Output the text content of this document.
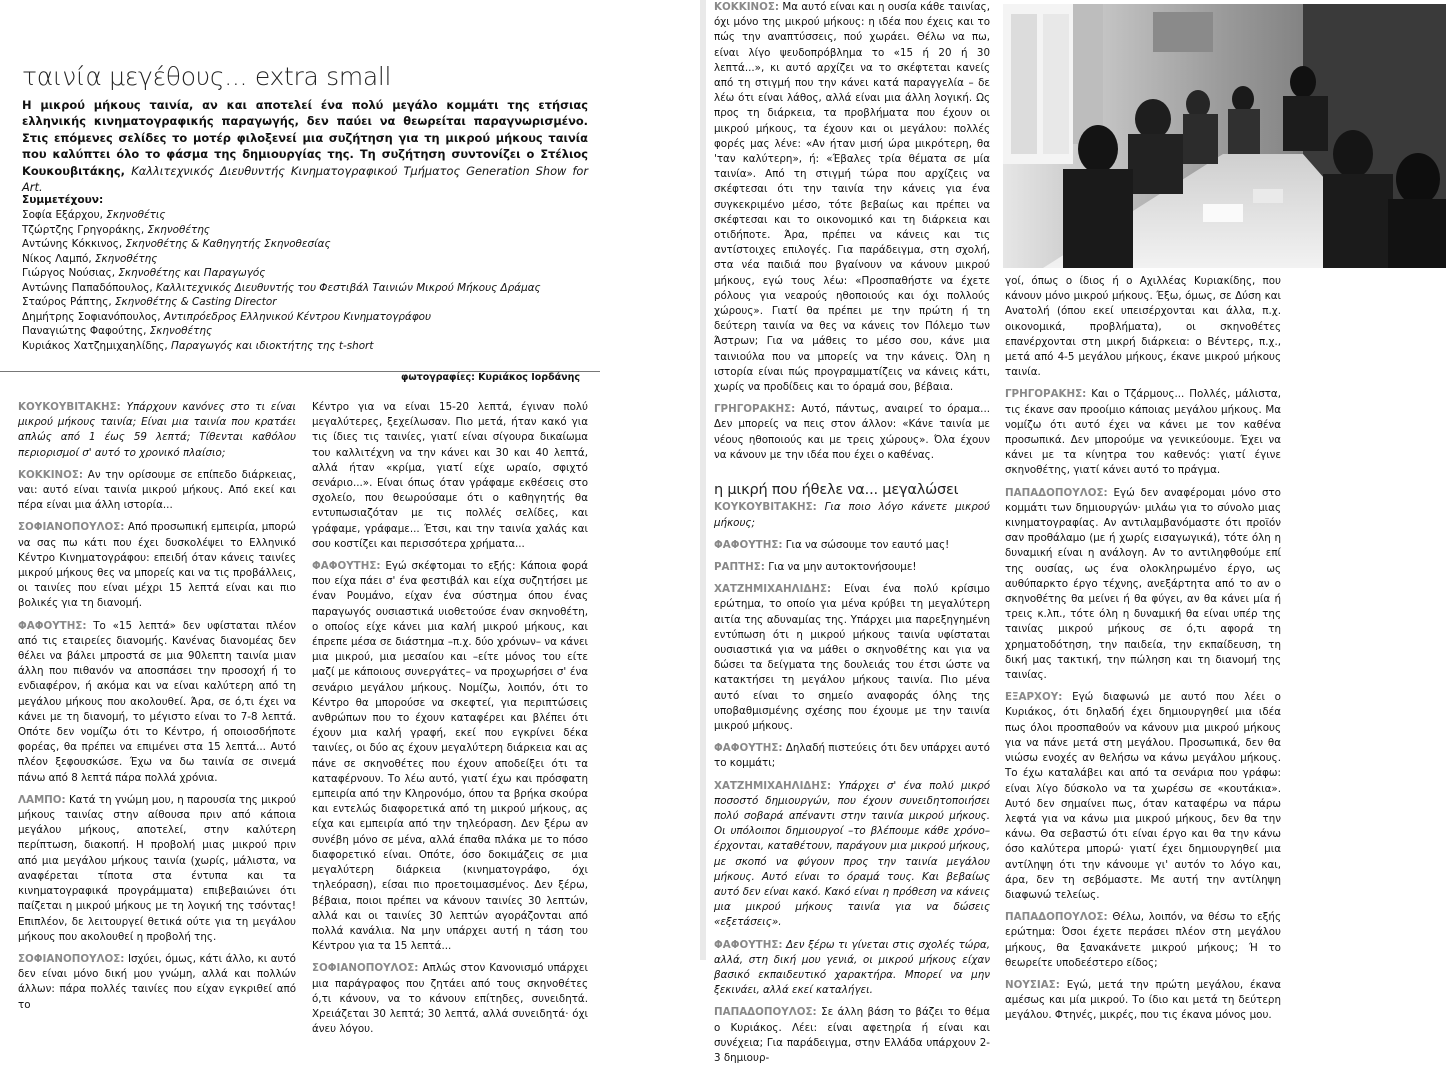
ταινία μεγέθους... extra small
Η μικρού μήκους ταινία, αν και αποτελεί ένα πολύ μεγάλο κομμάτι της ετήσιας ελληνικής κινηματογραφικής παραγωγής, δεν παύει να θεωρείται παραγνωρισμένο. Στις επόμενες σελίδες το μοτέρ φιλοξενεί μια συζήτηση για τη μικρού μήκους ταινία που καλύπτει όλο το φάσμα της δημιουργίας της. Τη συζήτηση συντονίζει ο Στέλιος Κουκουβιτάκης, Καλλιτεχνικός Διευθυντής Κινηματογραφικού Τμήματος Generation Show for Art.
Συμμετέχουν:
Σοφία Εξάρχου, Σκηνοθέτις
Τζώρτζης Γρηγοράκης, Σκηνοθέτης
Αντώνης Κόκκινος, Σκηνοθέτης & Καθηγητής Σκηνοθεσίας
Νίκος Λαμπό, Σκηνοθέτης
Γιώργος Νούσιας, Σκηνοθέτης και Παραγωγός
Αντώνης Παπαδόπουλος, Καλλιτεχνικός Διευθυντής του Φεστιβάλ Ταινιών Μικρού Μήκους Δράμας
Σταύρος Ράπτης, Σκηνοθέτης & Casting Director
Δημήτρης Σοφιανόπουλος, Αντιπρόεδρος Ελληνικού Κέντρου Κινηματογράφου
Παναγιώτης Φαφούτης, Σκηνοθέτης
Κυριάκος Χατζημιχαηλίδης, Παραγωγός και ιδιοκτήτης της t-short
φωτογραφίες: Κυριάκος Ιορδάνης

ΚΟΥΚΟΥΒΙΤΑΚΗΣ: Υπάρχουν κανόνες στο τι είναι μικρού μήκους ταινία; Είναι μια ταινία που κρατάει απλώς από 1 έως 59 λεπτά; Τίθενται καθόλου περιορισμοί σ' αυτό το χρονικό πλαίσιο;

ΚΟΚΚΙΝΟΣ: Αν την ορίσουμε σε επίπεδο διάρκειας, ναι: αυτό είναι ταινία μικρού μήκους. Από εκεί και πέρα είναι μια άλλη ιστορία...

ΣΟΦΙΑΝΟΠΟΥΛΟΣ: Από προσωπική εμπειρία, μπορώ να σας πω κάτι που έχει δυσκολέψει το Ελληνικό Κέντρο Κινηματογράφου: επειδή όταν κάνεις ταινίες μικρού μήκους θες να μπορείς και να τις προβάλλεις, οι ταινίες που είναι μέχρι 15 λεπτά είναι και πιο βολικές για τη διανομή.

ΦΑΦΟΥΤΗΣ: Το «15 λεπτά» δεν υφίσταται πλέον από τις εταιρείες διανομής. Κανένας διανομέας δεν θέλει να βάλει μπροστά σε μια 90λεπτη ταινία μιαν άλλη που πιθανόν να αποσπάσει την προσοχή ή το ενδιαφέρον, ή ακόμα και να είναι καλύτερη από τη μεγάλου μήκους που ακολουθεί. Άρα, σε ό,τι έχει να κάνει με τη διανομή, το μέγιστο είναι το 7-8 λεπτά. Οπότε δεν νομίζω ότι το Κέντρο, ή οποιοσδήποτε φορέας, θα πρέπει να επιμένει στα 15 λεπτά... Αυτό πλέον ξεφουσκώσε. Έχω να δω ταινία σε σινεμά πάνω από 8 λεπτά πάρα πολλά χρόνια.

ΛΑΜΠΟ: Κατά τη γνώμη μου, η παρουσία της μικρού μήκους ταινίας στην αίθουσα πριν από κάποια μεγάλου μήκους, αποτελεί, στην καλύτερη περίπτωση, διακοπή. Η προβολή μιας μικρού πριν από μια μεγάλου μήκους ταινία (χωρίς, μάλιστα, να αναφέρεται τίποτα στα έντυπα και τα κινηματογραφικά προγράμματα) επιβεβαιώνει ότι παίζεται η μικρού μήκους με τη λογική της τσόντας! Επιπλέον, δε λειτουργεί θετικά ούτε για τη μεγάλου μήκους που ακολουθεί η προβολή της.

ΣΟΦΙΑΝΟΠΟΥΛΟΣ: Ισχύει, όμως, κάτι άλλο, κι αυτό δεν είναι μόνο δική μου γνώμη, αλλά και πολλών άλλων: πάρα πολλές ταινίες που είχαν εγκριθεί από το

Κέντρο για να είναι 15-20 λεπτά, έγιναν πολύ μεγαλύτερες, ξεχείλωσαν. Πιο μετά, ήταν κακό για τις ίδιες τις ταινίες, γιατί είναι σίγουρα δικαίωμα του καλλιτέχνη να την κάνει και 30 και 40 λεπτά, αλλά ήταν «κρίμα, γιατί είχε ωραίο, σφιχτό σενάριο...». Είναι όπως όταν γράφαμε εκθέσεις στο σχολείο, που θεωρούσαμε ότι ο καθηγητής θα εντυπωσιαζόταν με τις πολλές σελίδες, και γράφαμε, γράφαμε... Έτσι, και την ταινία χαλάς και σου κοστίζει και περισσότερα χρήματα...

ΦΑΦΟΥΤΗΣ: Εγώ σκέφτομαι το εξής: Κάποια φορά που είχα πάει σ' ένα φεστιβάλ και είχα συζητήσει με έναν Ρουμάνο, είχαν ένα σύστημα όπου ένας παραγωγός ουσιαστικά υιοθετούσε έναν σκηνοθέτη, ο οποίος είχε κάνει μια καλή μικρού μήκους, και έπρεπε μέσα σε διάστημα –π.χ. δύο χρόνων– να κάνει μια μικρού, μια μεσαίου και –είτε μόνος του είτε μαζί με κάποιους συνεργάτες– να προχωρήσει σ' ένα σενάριο μεγάλου μήκους. Νομίζω, λοιπόν, ότι το Κέντρο θα μπορούσε να σκεφτεί, για περιπτώσεις ανθρώπων που το έχουν καταφέρει και βλέπει ότι έχουν μια καλή γραφή, εκεί που εγκρίνει δέκα ταινίες, οι δύο ας έχουν μεγαλύτερη διάρκεια και ας πάνε σε σκηνοθέτες που έχουν αποδείξει ότι τα καταφέρνουν. Το λέω αυτό, γιατί έχω και πρόσφατη εμπειρία από την Κληρονόμο, όπου τα βρήκα σκούρα και εντελώς διαφορετικά από τη μικρού μήκους, ας είχα και εμπειρία από την τηλεόραση. Δεν ξέρω αν συνέβη μόνο σε μένα, αλλά έπαθα πλάκα με το πόσο διαφορετικό είναι. Οπότε, όσο δοκιμάζεις σε μια μεγαλύτερη διάρκεια (κινηματογράφο, όχι τηλεόραση), είσαι πιο προετοιμασμένος. Δεν ξέρω, βέβαια, ποιοι πρέπει να κάνουν ταινίες 30 λεπτών, αλλά και οι ταινίες 30 λεπτών αγοράζονται από πολλά κανάλια. Να μην υπάρχει αυτή η τάση του Κέντρου για τα 15 λεπτά...

ΣΟΦΙΑΝΟΠΟΥΛΟΣ: Απλώς στον Κανονισμό υπάρχει μια παράγραφος που ζητάει από τους σκηνοθέτες ό,τι κάνουν, να το κάνουν επίτηδες, συνειδητά. Χρειάζεται 30 λεπτά; 30 λεπτά, αλλά συνειδητά· όχι άνευ λόγου.

ΚΟΚΚΙΝΟΣ: Μα αυτό είναι και η ουσία κάθε ταινίας, όχι μόνο της μικρού μήκους: η ιδέα που έχεις και το πώς την αναπτύσσεις, πού χωράει. Θέλω να πω, είναι λίγο ψευδοπρόβλημα το «15 ή 20 ή 30 λεπτά...», κι αυτό αρχίζει να το σκέφτεται κανείς από τη στιγμή που την κάνει κατά παραγγελία – δε λέω ότι είναι λάθος, αλλά είναι μια άλλη λογική. Ως προς τη διάρκεια, τα προβλήματα που έχουν οι μικρού μήκους, τα έχουν και οι μεγάλου: πολλές φορές μας λένε: «Αν ήταν μισή ώρα μικρότερη, θα 'ταν καλύτερη», ή: «Έβαλες τρία θέματα σε μία ταινία». Από τη στιγμή τώρα που αρχίζεις να σκέφτεσαι ότι την ταινία την κάνεις για ένα συγκεκριμένο μέσο, τότε βεβαίως και πρέπει να σκέφτεσαι και το οικονομικό και τη διάρκεια και οτιδήποτε. Άρα, πρέπει να κάνεις και τις αντίστοιχες επιλογές. Για παράδειγμα, στη σχολή, στα νέα παιδιά που βγαίνουν να κάνουν μικρού μήκους, εγώ τους λέω: «Προσπαθήστε να έχετε ρόλους για νεαρούς ηθοποιούς και όχι πολλούς χώρους». Γιατί θα πρέπει με την πρώτη ή τη δεύτερη ταινία να θες να κάνεις τον Πόλεμο των Άστρων; Για να μάθεις το μέσο σου, κάνε μια ταινιούλα που να μπορείς να την κάνεις. Όλη η ιστορία είναι πώς προγραμματίζεις να κάνεις κάτι, χωρίς να προδίδεις και το όραμά σου, βέβαια.

ΓΡΗΓΟΡΑΚΗΣ: Αυτό, πάντως, αναιρεί το όραμα... Δεν μπορείς να πεις στον άλλον: «Κάνε ταινία με νέους ηθοποιούς και με τρεις χώρους». Όλα έχουν να κάνουν με την ιδέα που έχει ο καθένας.

η μικρή που ήθελε να... μεγαλώσει

ΚΟΥΚΟΥΒΙΤΑΚΗΣ: Για ποιο λόγο κάνετε μικρού μήκους;

ΦΑΦΟΥΤΗΣ: Για να σώσουμε τον εαυτό μας!

ΡΑΠΤΗΣ: Για να μην αυτοκτονήσουμε!

ΧΑΤΖΗΜΙΧΑΗΛΙΔΗΣ: Είναι ένα πολύ κρίσιμο ερώτημα, το οποίο για μένα κρύβει τη μεγαλύτερη αιτία της αδυναμίας της. Υπάρχει μια παρεξηγημένη εντύπωση ότι η μικρού μήκους ταινία υφίσταται ουσιαστικά για να μάθει ο σκηνοθέτης και για να δώσει τα δείγματα της δουλειάς του έτσι ώστε να κατακτήσει τη μεγάλου μήκους ταινία. Πιο μένα αυτό είναι το σημείο αναφοράς όλης της υποβαθμισμένης σχέσης που έχουμε με την ταινία μικρού μήκους.

ΦΑΦΟΥΤΗΣ: Δηλαδή πιστεύεις ότι δεν υπάρχει αυτό το κομμάτι;

ΧΑΤΖΗΜΙΧΑΗΛΙΔΗΣ: Υπάρχει σ' ένα πολύ μικρό ποσοστό δημιουργών, που έχουν συνειδητοποιήσει πολύ σοβαρά απέναντι στην ταινία μικρού μήκους. Οι υπόλοιποι δημιουργοί –το βλέπουμε κάθε χρόνο– έρχονται, καταθέτουν, παράγουν μια μικρού μήκους, με σκοπό να φύγουν προς την ταινία μεγάλου μήκους. Αυτό είναι το όραμά τους. Και βεβαίως αυτό δεν είναι κακό. Κακό είναι η πρόθεση να κάνεις μια μικρού μήκους ταινία για να δώσεις «εξετάσεις».

ΦΑΦΟΥΤΗΣ: Δεν ξέρω τι γίνεται στις σχολές τώρα, αλλά, στη δική μου γενιά, οι μικρού μήκους είχαν βασικό εκπαιδευτικό χαρακτήρα. Μπορεί να μην ξεκινάει, αλλά εκεί καταλήγει.

ΠΑΠΑΔΟΠΟΥΛΟΣ: Σε άλλη βάση το βάζει το θέμα ο Κυριάκος. Λέει: είναι αφετηρία ή είναι και συνέχεια; Για παράδειγμα, στην Ελλάδα υπάρχουν 2-3 δημιουρ-

γοί, όπως ο ίδιος ή ο Αχιλλέας Κυριακίδης, που κάνουν μόνο μικρού μήκους. Έξω, όμως, σε Δύση και Ανατολή (όπου εκεί υπεισέρχονται και άλλα, π.χ. οικονομικά, προβλήματα), οι σκηνοθέτες επανέρχονται στη μικρή διάρκεια: ο Βέντερς, π.χ., μετά από 4-5 μεγάλου μήκους, έκανε μικρού μήκους ταινία.

ΓΡΗΓΟΡΑΚΗΣ: Και ο Τζάρμους... Πολλές, μάλιστα, τις έκανε σαν προοίμιο κάποιας μεγάλου μήκους. Μα νομίζω ότι αυτό έχει να κάνει με τον καθένα προσωπικά. Δεν μπορούμε να γενικεύουμε. Έχει να κάνει με τα κίνητρα του καθενός: γιατί έγινε σκηνοθέτης, γιατί κάνει αυτό το πράγμα.

ΠΑΠΑΔΟΠΟΥΛΟΣ: Εγώ δεν αναφέρομαι μόνο στο κομμάτι των δημιουργών· μιλάω για το σύνολο μιας κινηματογραφίας. Αν αντιλαμβανόμαστε ότι προϊόν σαν προθάλαμο (με ή χωρίς εισαγωγικά), τότε όλη η δυναμική είναι η ανάλογη. Αν το αντιληφθούμε επί της ουσίας, ως ένα ολοκληρωμένο έργο, ως αυθύπαρκτο έργο τέχνης, ανεξάρτητα από το αν ο σκηνοθέτης θα μείνει ή θα φύγει, αν θα κάνει μία ή τρεις κ.λπ., τότε όλη η δυναμική θα είναι υπέρ της ταινίας μικρού μήκους σε ό,τι αφορά τη χρηματοδότηση, την παιδεία, την εκπαίδευση, τη δική μας τακτική, την πώληση και τη διανομή της ταινίας.

ΕΞΑΡΧΟΥ: Εγώ διαφωνώ με αυτό που λέει ο Κυριάκος, ότι δηλαδή έχει δημιουργηθεί μια ιδέα πως όλοι προσπαθούν να κάνουν μια μικρού μήκους για να πάνε μετά στη μεγάλου. Προσωπικά, δεν θα νιώσω ενοχές αν θελήσω να κάνω μεγάλου μήκους. Το έχω καταλάβει και από τα σενάρια που γράφω: είναι λίγο δύσκολο να τα χωρέσω σε «κουτάκια». Αυτό δεν σημαίνει πως, όταν καταφέρω να πάρω λεφτά για να κάνω μια μικρού μήκους, δεν θα την κάνω. Θα σεβαστώ ότι είναι έργο και θα την κάνω όσο καλύτερα μπορώ· γιατί έχει δημιουργηθεί μια αντίληψη ότι την κάνουμε γι' αυτόν το λόγο και, άρα, δεν τη σεβόμαστε. Με αυτή την αντίληψη διαφωνώ τελείως.

ΠΑΠΑΔΟΠΟΥΛΟΣ: Θέλω, λοιπόν, να θέσω το εξής ερώτημα: Όσοι έχετε περάσει πλέον στη μεγάλου μήκους, θα ξανακάνετε μικρού μήκους; Ή το θεωρείτε υποδεέστερο είδος;

ΝΟΥΣΙΑΣ: Εγώ, μετά την πρώτη μεγάλου, έκανα αμέσως και μία μικρού. Το ίδιο και μετά τη δεύτερη μεγάλου. Φτηνές, μικρές, που τις έκανα μόνος μου.
